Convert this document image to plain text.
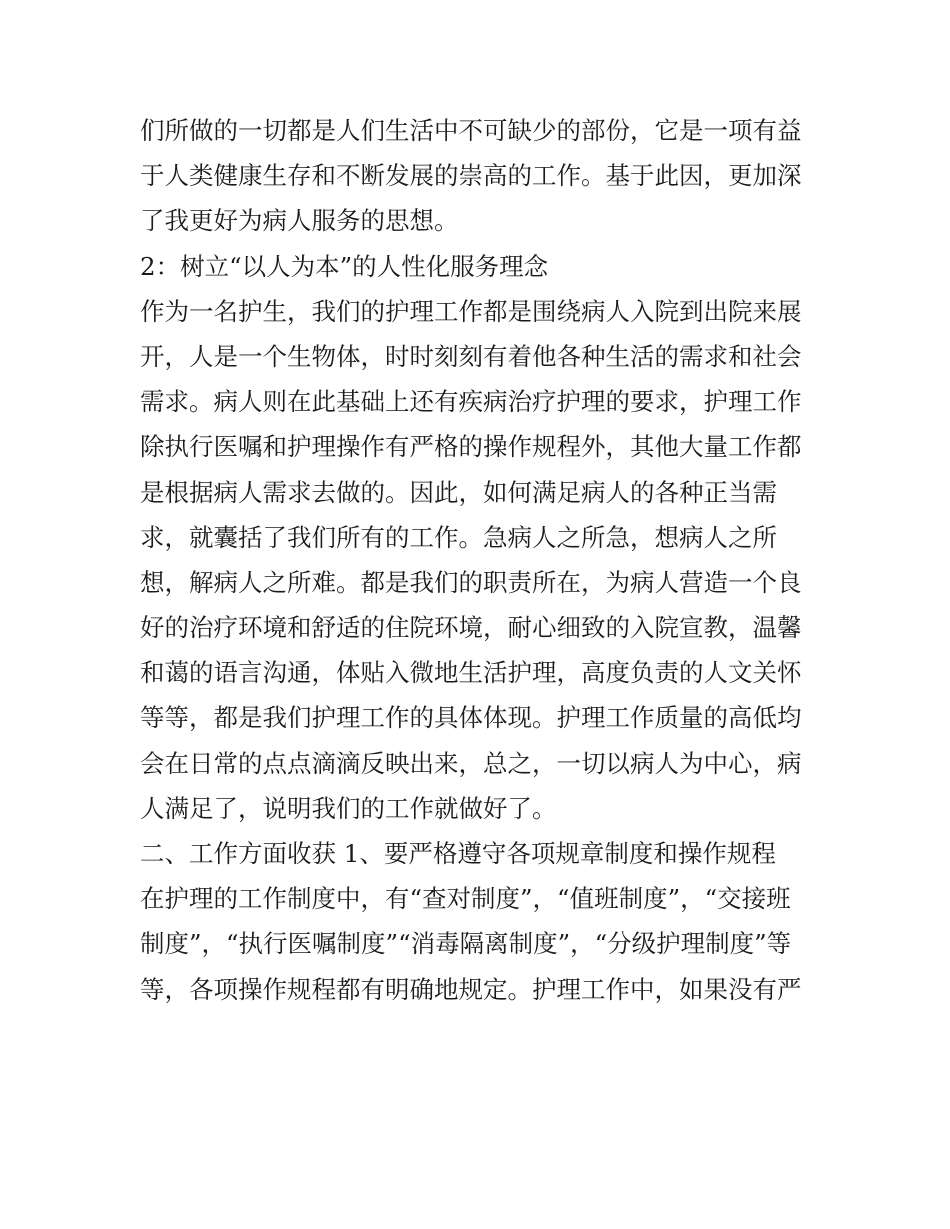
们所做的一切都是人们生活中不可缺少的部份，它是一项有益
于人类健康生存和不断发展的崇高的工作。基于此因，更加深
了我更好为病人服务的思想。
2：树立“以人为本”的人性化服务理念
作为一名护生，我们的护理工作都是围绕病人入院到出院来展
开，人是一个生物体，时时刻刻有着他各种生活的需求和社会
需求。病人则在此基础上还有疾病治疗护理的要求，护理工作
除执行医嘱和护理操作有严格的操作规程外，其他大量工作都
是根据病人需求去做的。因此，如何满足病人的各种正当需
求，就囊括了我们所有的工作。急病人之所急，想病人之所
想，解病人之所难。都是我们的职责所在，为病人营造一个良
好的治疗环境和舒适的住院环境，耐心细致的入院宣教，温馨
和蔼的语言沟通，体贴入微地生活护理，高度负责的人文关怀
等等，都是我们护理工作的具体体现。护理工作质量的高低均
会在日常的点点滴滴反映出来，总之，一切以病人为中心，病
人满足了，说明我们的工作就做好了。
二、工作方面收获 1、要严格遵守各项规章制度和操作规程
在护理的工作制度中，有“查对制度”，“值班制度”，“交接班
制度”，“执行医嘱制度”“消毒隔离制度”，“分级护理制度”等
等，各项操作规程都有明确地规定。护理工作中，如果没有严
